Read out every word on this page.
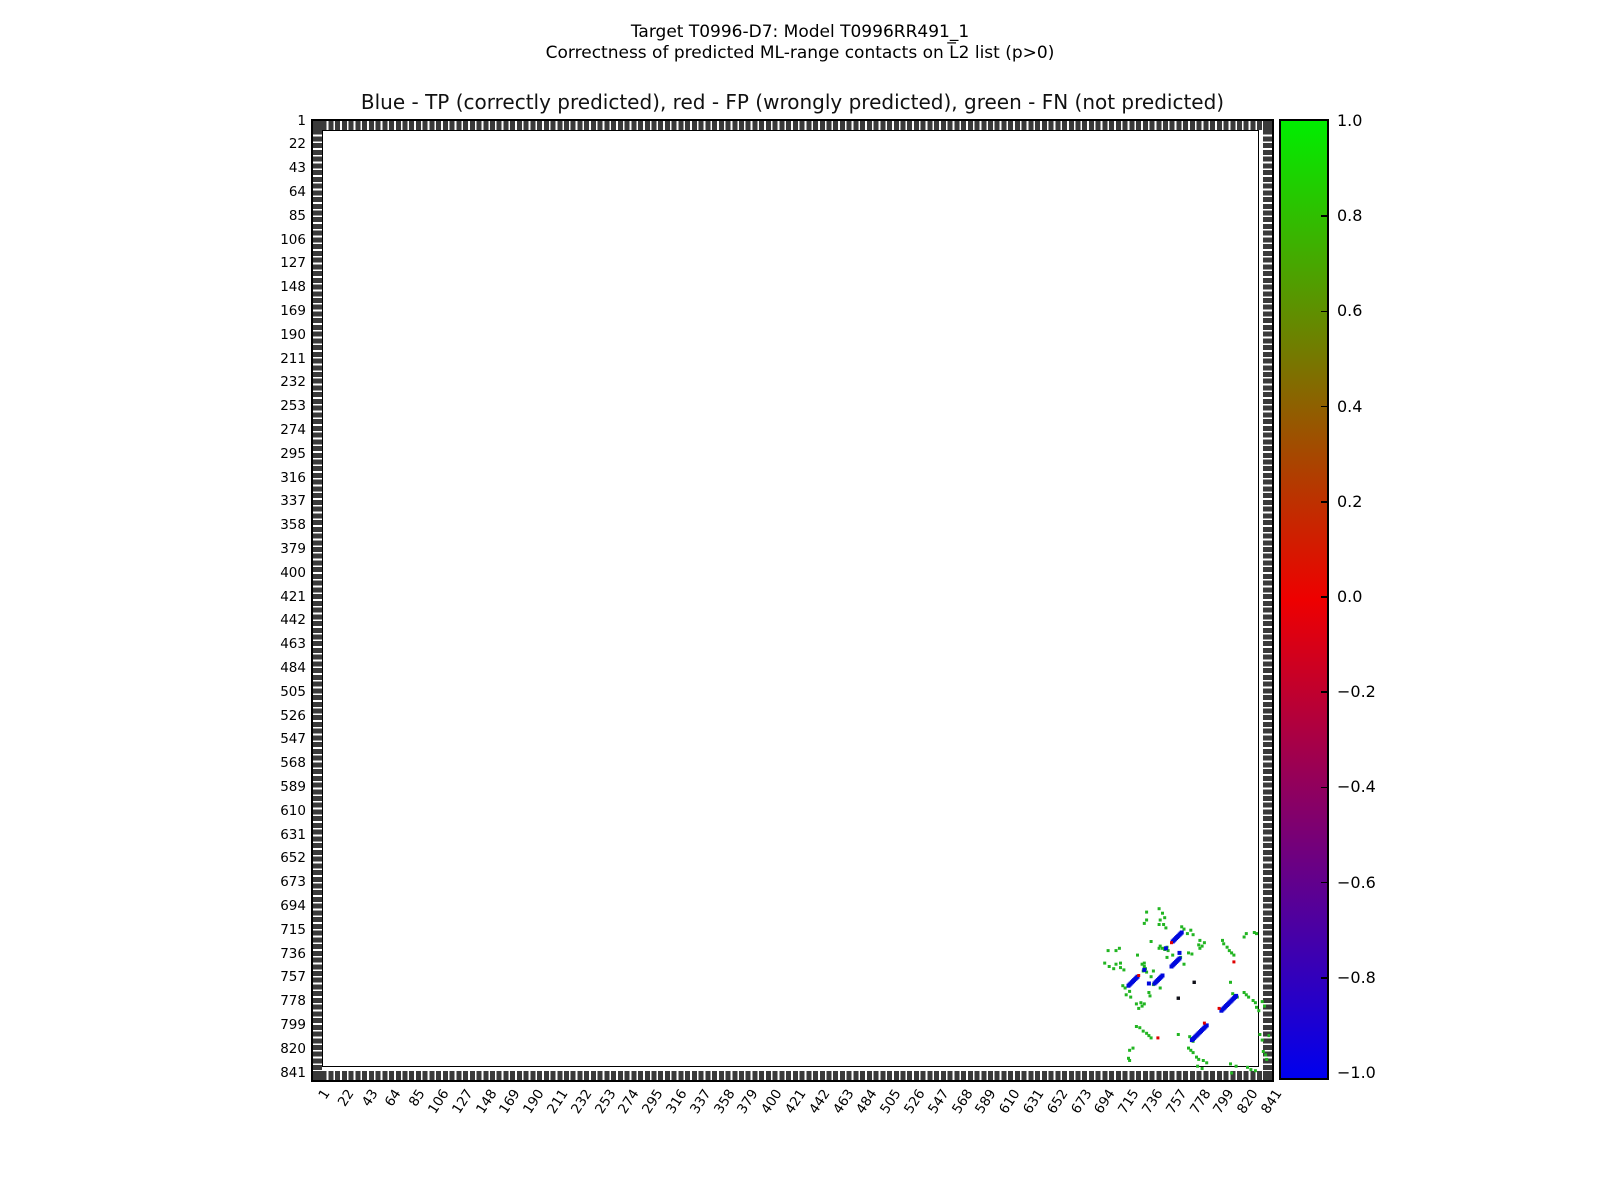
Target T0996-D7: Model T0996RR491_1
Correctness of predicted ML-range contacts on L̅2 list (p>0)
Blue - TP (correctly predicted), red - FP (wrongly predicted), green - FN (not predicted)
1
22
43
64
85
106
127
148
169
190
211
232
253
274
295
316
337
358
379
400
421
442
463
484
505
526
547
568
589
610
631
652
673
694
715
736
757
778
799
820
841
1 22 43 64 85
106
127
148
169
190
211
232
253
274
295
316
337
358
379
400
421
442
463
484
505
526
547
568
589
610
631
652
673
694
715
736
757
778
799
820
841
1.0
0.8
0.6
0.4
0.2
0.0
−0.2
−0.4
−0.6
−0.8
−1.0
